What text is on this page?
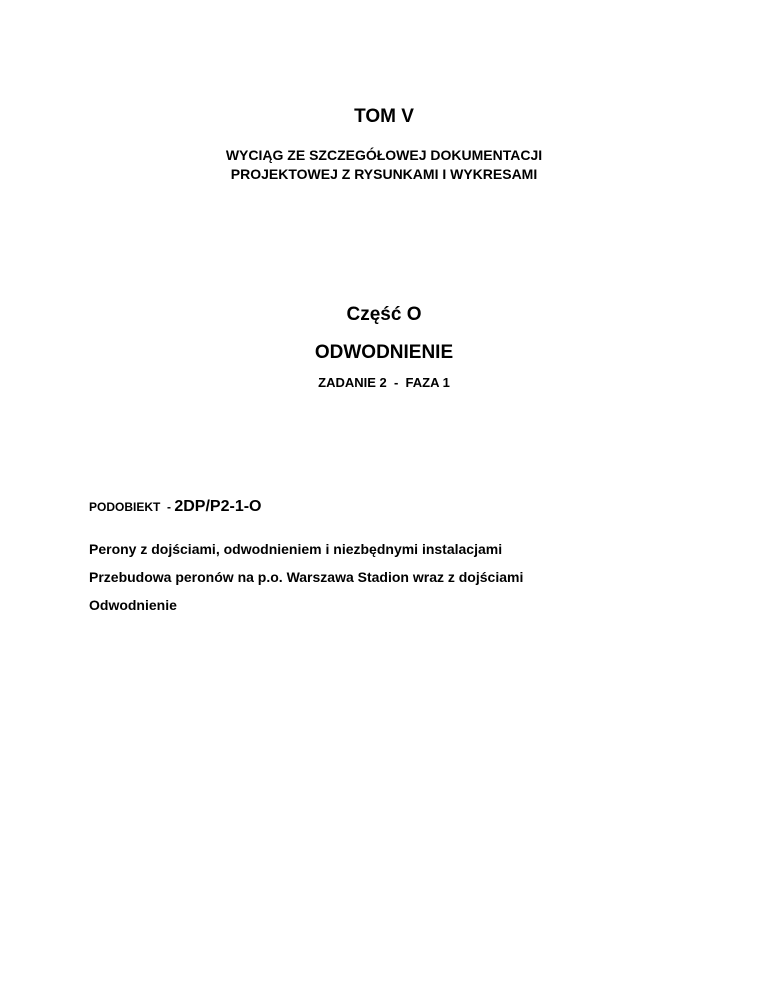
TOM V
WYCIĄG ZE SZCZEGÓŁOWEJ DOKUMENTACJI
PROJEKTOWEJ Z RYSUNKAMI I WYKRESAMI
Część O
ODWODNIENIE
ZADANIE 2  -  FAZA 1
PODOBIEKT  - 2DP/P2-1-O
Perony z dojściami, odwodnieniem i niezbędnymi instalacjami
Przebudowa peronów na p.o. Warszawa Stadion wraz z dojściami
Odwodnienie
